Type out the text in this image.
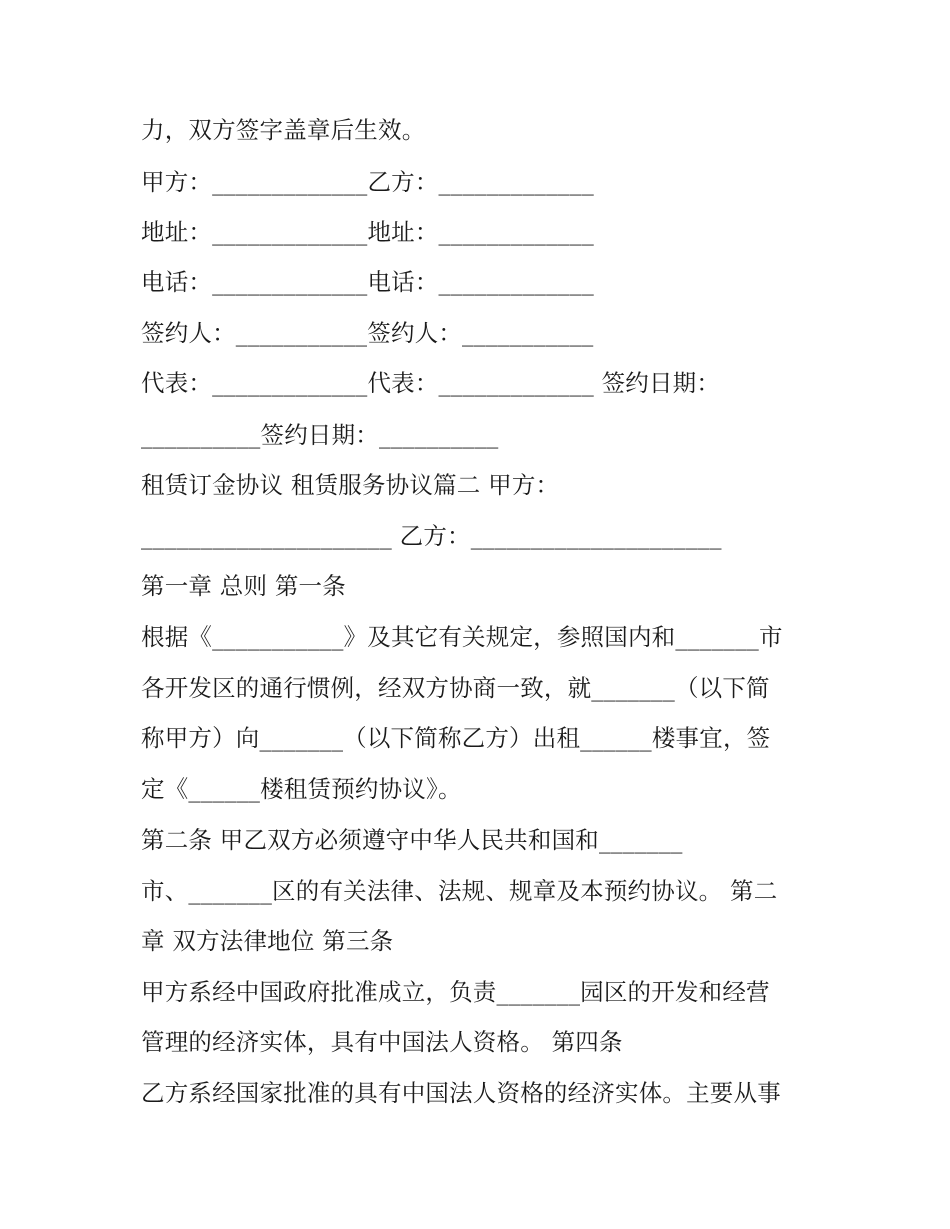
力，双方签字盖章后生效。
甲方：_____________乙方：_____________
地址：_____________地址：_____________
电话：_____________电话：_____________
签约人：___________签约人：___________
代表：_____________代表：_____________ 签约日期：
__________签约日期：__________
租赁订金协议 租赁服务协议篇二 甲方：
_____________________ 乙方：_____________________
第一章 总则 第一条
根据《___________》及其它有关规定，参照国内和_______市
各开发区的通行惯例，经双方协商一致，就_______（以下简
称甲方）向_______（以下简称乙方）出租______楼事宜，签
定《______楼租赁预约协议》。
第二条 甲乙双方必须遵守中华人民共和国和_______
市、_______区的有关法律、法规、规章及本预约协议。 第二
章 双方法律地位 第三条
甲方系经中国政府批准成立，负责_______园区的开发和经营
管理的经济实体，具有中国法人资格。 第四条
乙方系经国家批准的具有中国法人资格的经济实体。主要从事
